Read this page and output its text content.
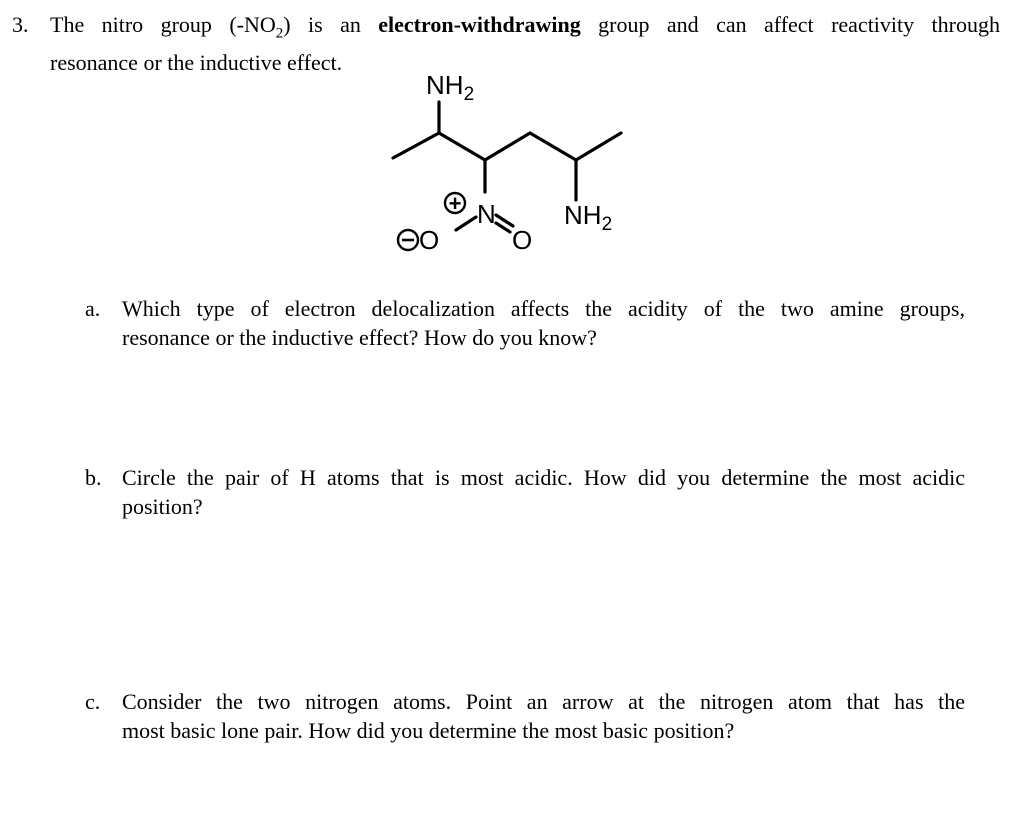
3. The nitro group $(-NO_2)$ is an electron-withdrawing group and can affect reactivity through
resonance or the inductive effect.
$NH_2$
$NH_2$
+ N
O	O
a. Which type of electron delocalization affects the acidity of the two amine groups,
resonance or the inductive effect? How do you know?
b. Circle the pair of H atoms that is most acidic. How did you determine the most acidic
position?
c. Consider the two nitrogen atoms. Point an arrow at the nitrogen atom that has the
most basic lone pair. How did you determine the most basic position?
